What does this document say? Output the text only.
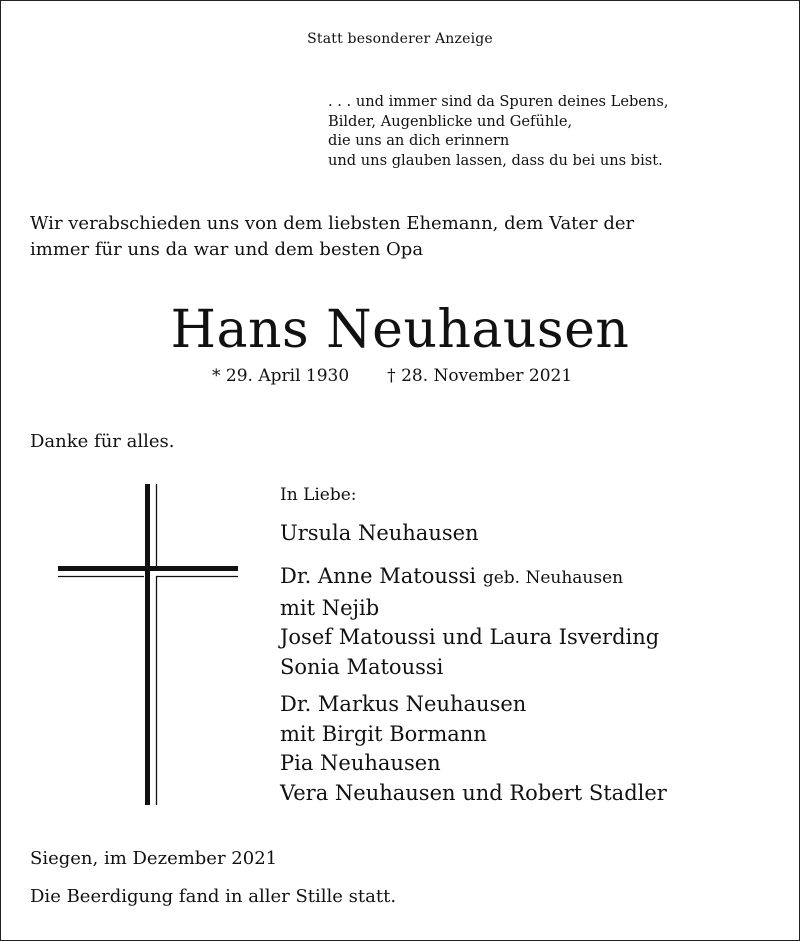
Statt besonderer Anzeige
. . . und immer sind da Spuren deines Lebens,
Bilder, Augenblicke und Gefühle,
die uns an dich erinnern
und uns glauben lassen, dass du bei uns bist.
Wir verabschieden uns von dem liebsten Ehemann, dem Vater der
immer für uns da war und dem besten Opa
Hans Neuhausen
* 29. April 1930 † 28. November 2021
Danke für alles.
In Liebe:
Ursula Neuhausen
Dr. Anne Matoussi geb. Neuhausen
mit Nejib
Josef Matoussi und Laura Isverding
Sonia Matoussi
Dr. Markus Neuhausen
mit Birgit Bormann
Pia Neuhausen
Vera Neuhausen und Robert Stadler
Siegen, im Dezember 2021
Die Beerdigung fand in aller Stille statt.
